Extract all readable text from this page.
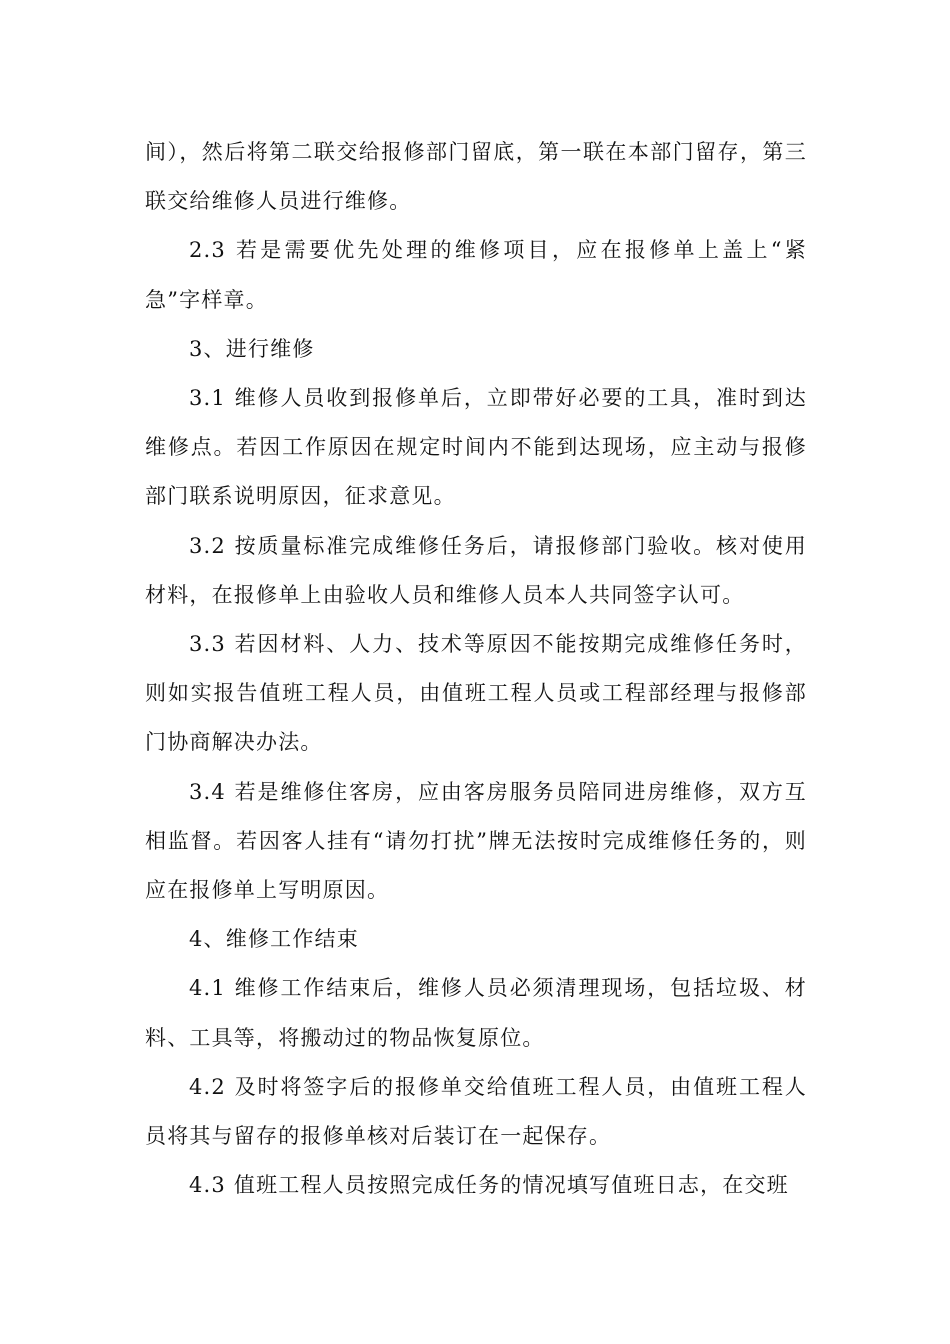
间），然后将第二联交给报修部门留底，第一联在本部门留存，第三联交给维修人员进行维修。

2.3 若是需要优先处理的维修项目，应在报修单上盖上“紧急”字样章。

3、进行维修

3.1 维修人员收到报修单后，立即带好必要的工具，准时到达维修点。若因工作原因在规定时间内不能到达现场，应主动与报修部门联系说明原因，征求意见。

3.2 按质量标准完成维修任务后，请报修部门验收。核对使用材料，在报修单上由验收人员和维修人员本人共同签字认可。

3.3 若因材料、人力、技术等原因不能按期完成维修任务时，则如实报告值班工程人员，由值班工程人员或工程部经理与报修部门协商解决办法。

3.4 若是维修住客房，应由客房服务员陪同进房维修，双方互相监督。若因客人挂有“请勿打扰”牌无法按时完成维修任务的，则应在报修单上写明原因。

4、维修工作结束

4.1 维修工作结束后，维修人员必须清理现场，包括垃圾、材料、工具等，将搬动过的物品恢复原位。

4.2 及时将签字后的报修单交给值班工程人员，由值班工程人员将其与留存的报修单核对后装订在一起保存。

4.3 值班工程人员按照完成任务的情况填写值班日志，在交班
